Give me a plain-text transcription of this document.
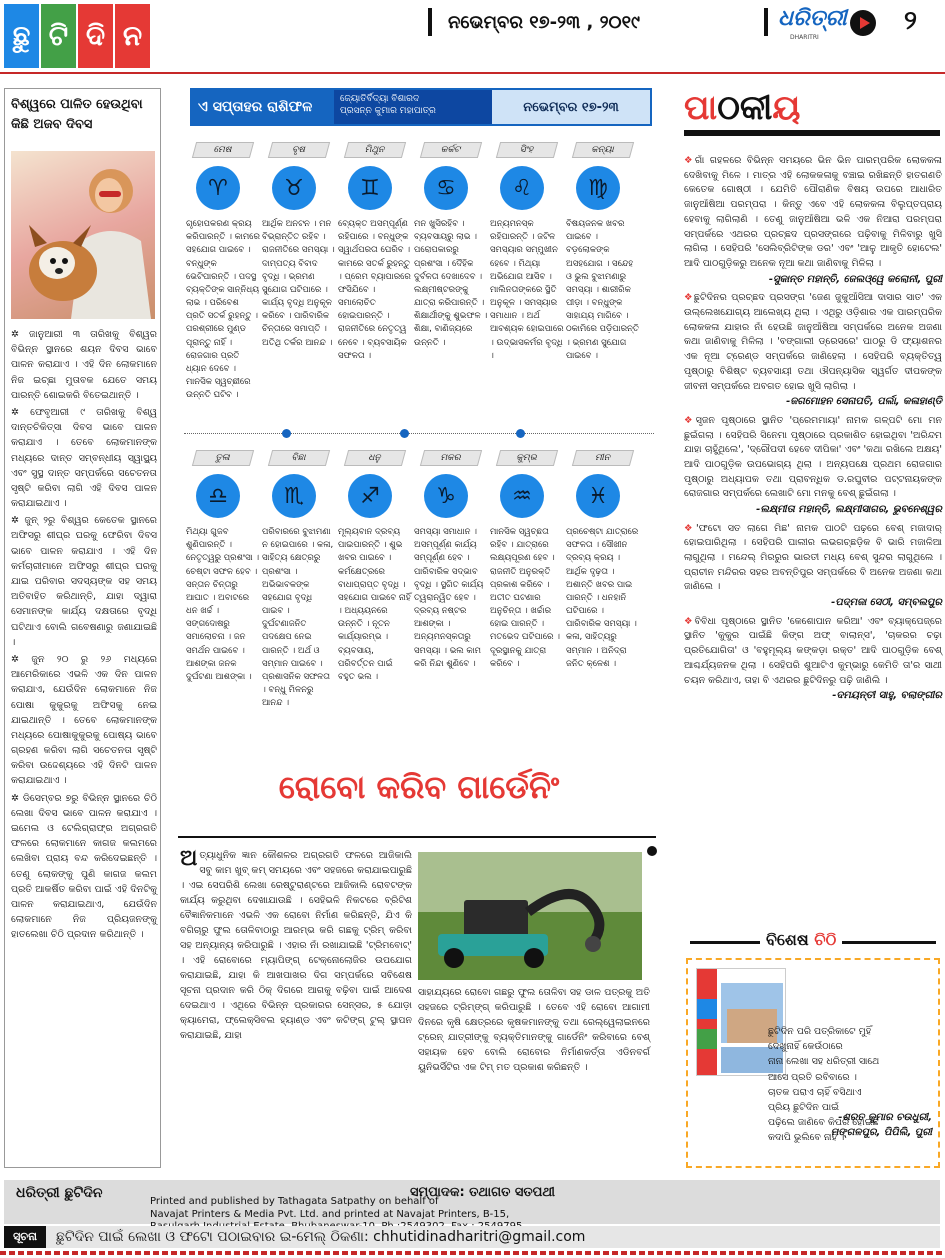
ଛୁ ଟି ଦି ନ	ନଭେମ୍ବର ୧୭-୨୩ , ୨୦୧୯	ଧରିତ୍ରୀ
DHARITRI
୨
ବିଶ୍ୱରେ ପାଳିତ ହେଉଥିବା କିଛି ଅଜବ ଦିବସ

✲ ଜାନୁଆରୀ ୩ ତାରିଖକୁ ବିଶ୍ୱର ବିଭିନ୍ନ ସ୍ଥାନରେ ଶୟନ ଦିବସ ଭାବେ ପାଳନ କରାଯାଏ । ଏହି ଦିନ ଲୋକମାନେ ନିଜ ଇଚ୍ଛା ମୁତାବକ ଯେତେ ସମୟ ପାରନ୍ତି ଶୋଇକରି ବିତେଇଥାନ୍ତି ।

✲ ଫେବୃଆରୀ ୯ ତାରିଖକୁ ବିଶ୍ୱ ଦାନ୍ତଚିକିତ୍ସା ଦିବସ ଭାବେ ପାଳନ କରାଯାଏ । ତେବେ ଲୋକମାନଙ୍କ ମଧ୍ୟରେ ଦାନ୍ତ ସମ୍ବନ୍ଧୀୟ ସ୍ୱାସ୍ଥ୍ୟ ଏବଂ ସୁସ୍ଥ ଦାନ୍ତ ସମ୍ପର୍କରେ ସଚେତନତା ସୃଷ୍ଟି କରିବା ଲାଗି ଏହି ଦିବସ ପାଳନ କରାଯାଇଥାଏ ।

✲ ଜୁନ୍ ୨ରୁ ବିଶ୍ୱର କେତେକ ସ୍ଥାନରେ ଅଫିସରୁ ଶୀଘ୍ର ଘରକୁ ଫେରିବା ଦିବସ ଭାବେ ପାଳନ କରାଯାଏ । ଏହି ଦିନ କର୍ମଚାରୀମାନେ ଅଫିସରୁ ଶୀଘ୍ର ଘରକୁ ଯାଇ ପରିବାର ସଦସ୍ୟଙ୍କ ସହ ସମୟ ଅତିବାହିତ କରିଥାନ୍ତି, ଯାହା ଦ୍ୱାରା ସେମାନଙ୍କ କାର୍ଯ୍ୟ ଦକ୍ଷତାରେ ବୃଦ୍ଧି ଘଟିଥାଏ ବୋଲି ଗବେଷଣାରୁ ଜଣାଯାଇଛି ।

✲ ଜୁନ ୨୦ ରୁ ୨୬ ମଧ୍ୟରେ ଆମେରିକାରେ ଏଭଳି ଏକ ଦିନ ପାଳନ କରାଯାଏ, ଯେଉଁଦିନ ଲୋକମାନେ ନିଜ ପୋଷା କୁକୁରକୁ ଅଫିସକୁ ନେଇ ଯାଇଥାନ୍ତି । ତେବେ ଲୋକମାନଙ୍କ ମଧ୍ୟରେ ପୋଷାକୁକୁରକୁ ପୋଷ୍ୟ ଭାବେ ଗ୍ରହଣ କରିବା ଲାଗି ସଚେତନତା ସୃଷ୍ଟି କରିବା ଉଦ୍ଦେଶ୍ୟରେ ଏହି ଦିନଟି ପାଳନ କରାଯାଇଥାଏ ।

✲ ଡିସେମ୍ବର ୭ରୁ ବିଭିନ୍ନ ସ୍ଥାନରେ ଚିଠି ଲେଖା ଦିବସ ଭାବେ ପାଳନ କରାଯାଏ । ଇମେଲ ଓ ଟେଲିଗ୍ରାଫ୍ର ଅଗ୍ରଗତି ଫଳରେ ଲୋକମାନେ କାଗଜ କଲମରେ ଲେଖିବା ପ୍ରାୟ ବନ୍ଦ କରିଦେଇଛନ୍ତି । ତେଣୁ ଲୋକଙ୍କୁ ପୁଣି କାଗଜ କଲମ ପ୍ରତି ଆକର୍ଷିତ କରିବା ପାଇଁ ଏହି ଦିନଟିକୁ ପାଳନ କରାଯାଇଥାଏ, ଯେଉଁଦିନ ଲୋକମାନେ ନିଜ ପ୍ରିୟଜନଙ୍କୁ ହାତଲେଖା ଚିଠି ପ୍ରଦାନ କରିଥାନ୍ତି ।

ଏ ସପ୍ତାହର ରାଶିଫଳ	ଜ୍ୟୋତିର୍ବିଦ୍ୟା ବିଶାରଦ
ପ୍ରସନ୍ନ କୁମାର ମହାପାତ୍ର	ନଭେମ୍ବର ୧୭-୨୩
ମେଷ
♈
ଗୃହୋପକରଣ କ୍ରୟ କରିପାରନ୍ତି । କାମରେ ସହଯୋଗ ପାଇବେ । ବନ୍ଧୁଙ୍କ ଭେଟିପାରନ୍ତି । ପଦସ୍ଥ ବ୍ୟକ୍ତିଙ୍କ ସାନ୍ନିଧ୍ୟ ଲାଭ । ପରିବେଶ ପ୍ରତି ସତର୍କ ରୁହନ୍ତୁ । ପରଶ୍ରୀରେ ମୁଣ୍ଡ ପୂରାନ୍ତୁ ନାହିଁ । ରୋଜଗାର ପ୍ରତି ଧ୍ୟାନ ଦେବେ । ମାନସିକ ସ୍ୱଚ୍ଛୀରେ ଉନ୍ନତି ଘଟିବ ।
ବୃଷ
♉
ଆର୍ଥିକ ଅନଟନ । ମନ ବିଭ୍ରାନ୍ତିତ ରହିବ । ରାଜନୀତିରେ ସମସ୍ୟା । ଦାମ୍ପତ୍ୟ ବିବାଦ ବୃଦ୍ଧି । ଭ୍ରମଣ ସୁଯୋଗ ଘଟିପାରେ । କାର୍ଯ୍ୟ ବୃଦ୍ଧି ଅନୁକୂଳ କରିବେ । ପାରିବାରିକ ଚିନ୍ତାରେ ସମାପ୍ତି । ଅତିଥି ତର୍କର ଆନନ୍ଦ ।
ମିଥୁନ
♊
ବ୍ୟେକ୍ତ ଅସମ୍ପୂର୍ଣ୍ଣ ରହିପାରେ । ବନ୍ଧୁଙ୍କ ସ୍ୱାର୍ଥପରତା ଘେରିବ । କାମରେ ସତର୍କ ରୁହନ୍ତୁ । ପ୍ରେମ ବ୍ୟାପାରରେ ଫସିଯିବେ । ସମାଲୋଚିତ ହୋଇପାରନ୍ତି । ରାଜନୀତିରେ ନେତୃତ୍ୱ ନେବେ । ବ୍ୟବସାୟିକ ସଫଳତା ।
କର୍କଟ
♋
ମନ ଖୁସିରହିବ । ବ୍ୟବସାୟରୁ ଲାଭ । ପରୋପକାରରୁ ପ୍ରଶଂସା । ଦୈହିକ ଦୁର୍ବଳତା ଦେଖାଦେବ । ଲକ୍ଷ୍ମୀଷ୍ଟରଙ୍କୁ ଯାତ୍ରା କରିପାରନ୍ତି । ଶିକ୍ଷାର୍ଥୀଙ୍କୁ ଶୁଭଫଳ । ଶିକ୍ଷା, ବାଣିଜ୍ୟରେ ଉନ୍ନତି ।
ସିଂହ
♌
ଅନ୍ୟମନସ୍କ ରହିପାରନ୍ତି । ଜଟିଳ ସମସ୍ୟାର ସମ୍ମୁଖୀନ ହେବେ । ମିଥ୍ୟା ଅଭିଯୋଗ ଆସିବ । ମାଲିନତାଙ୍କରେ ସ୍ଥିତି ଅନୁକୂଳ । ସମସ୍ୟାର ସମାଧାନ । ଅର୍ଥ ଆବଶ୍ୟକ ହୋଇପାରେ । ଉଦ୍ଭାସକର୍ମର ବୃଦ୍ଧି ।
କନ୍ୟା
♍
ବିଷୟଜନକ ଖବର ପାଇବେ । ବଡ଼ଲୋକଙ୍କ ଅସହଯୋଗ । ସନ୍ଦେହ ଓ ଭୁଲ ବୁଝାମଣାରୁ ସମସ୍ୟା । ଶାରୀରିକ ପୀଡ଼ା । ବନ୍ଧୁଙ୍କ ସାହାଯ୍ୟ ମାଗିବେ । ଠକାମିରେ ପଡ଼ିପାରନ୍ତି । ଭ୍ରମଣ ସୁଯୋଗ ପାଇବେ ।
ତୁଳା
♎
ମିଥ୍ୟା ଗୁଜବ ଶୁଣିପାରନ୍ତି । ନେତୃତ୍ୱରୁ ପ୍ରଶଂସା । ଚେଷ୍ଟା ସଫଳ ହେବ । ସନ୍ତାନ ଚିନ୍ତାରୁ ଆଘାତ । ଅବାଟରେ ଧନ ଖର୍ଚ୍ଚ । ସଙ୍ଗଦୋଷରୁ ସମାଲୋଚନା । ଜନ ସମର୍ଥନ ପାଇବେ । ଆଶଙ୍କା ଜନକ ଦୁର୍ଘଟଣା ଆଶଙ୍କା ।
ବିଛା
♏
ପରିବାରରେ ବୁଝାମଣା ନ ହୋଇପାରେ । କଳା, ସାହିତ୍ୟ କ୍ଷେତ୍ରରୁ ପ୍ରଶଂସା । ଅଭିଭାବକଙ୍କ ସହଯୋଗ ବୃଦ୍ଧି ପାଇବ । ଦୁର୍ଘଟଣାଜନିତ ପଦକ୍ଷେପ ନେଇ ପାରନ୍ତି । ଅର୍ଥ ଓ ସମ୍ମାନ ପାଇବେ । ପ୍ରଶାସନିକ ସଫଳତା । ବନ୍ଧୁ ମିଳନରୁ ଆନନ୍ଦ ।
ଧନୁ
♐
ମୂଲ୍ୟବାନ ଦ୍ରବ୍ୟ ପାଇପାରନ୍ତି । ଶୁଭ ଖବର ପାଇବେ । କର୍ମକ୍ଷେତ୍ରରେ ବାଧାପ୍ରାପ୍ତ ବୃଦ୍ଧି । ସହଯୋଗ ପାଇବେ ନାହିଁ । ଅଧ୍ୟୟନରେ ଉନ୍ନତି । ନୂତନ କାର୍ଯ୍ୟାରମ୍ଭ । ବ୍ୟବସାୟ, ପରିବର୍ତ୍ତନ ପାଇଁ ବହୁତ ଭଲ ।
ମକର
♑
ସମସ୍ୟା ସମାଧାନ । ଅସମ୍ପୂର୍ଣ୍ଣ କାର୍ଯ୍ୟ ସମ୍ପୂର୍ଣ୍ଣ ହେବ । ପାରିବାରିକ ସଦ୍ଭାବ ବୃଦ୍ଧି । ସ୍ଥଗିତ କାର୍ଯ୍ୟ ତ୍ୱରାନ୍ୱିତ ହେବ । ଦ୍ରବ୍ୟ ନଷ୍ଟର ଆଶଙ୍କା । ଅନ୍ୟମନସ୍କତାରୁ ସମସ୍ୟା । ଭଲ କାମ କରି ନିନ୍ଦା ଶୁଣିବେ ।
କୁମ୍ଭ
♒
ମାନସିକ ସ୍ୱଚ୍ଛତା ରହିବ । ଯାତ୍ରାରେ ଲକ୍ଷ୍ୟପୂରଣ ହେବ । ରାଜନୀତି ଅନୁରକ୍ତି ପ୍ରକାଶ କରିବେ । ଅତୀତ ଘଟଣାର ଅନୁଚିନ୍ତା । ଖର୍ଚ୍ଚାର ହୋଇ ପାରନ୍ତି । ମତଭେଦ ଘଟିପାରେ । ଦୂରସ୍ଥାନକୁ ଯାତ୍ରା କରିବେ ।
ମୀନ
♓
ପ୍ରଚେଷ୍ଟା ଯାତ୍ରାରେ ସଫଳତା । ସୌଖୀନ ଦ୍ରବ୍ୟ କ୍ରୟ । ଆର୍ଥିକ ଦୃଢ଼ତା । ଅଶାନ୍ତି ଖବର ପାଇ ପାରନ୍ତି । ଧନହାନି ଘଟିପାରେ । ପାରିବାରିକ ସମସ୍ୟା । କଳା, ସାହିତ୍ୟରୁ ସମ୍ମାନ । ଅନିଦ୍ରା ଜନିତ କ୍ଳେଶ ।
ରୋବୋ କରିବ ଗାର୍ଡେନିଂ
ଅତ୍ୟାଧୁନିକ ଜ୍ଞାନ କୌଶଳର ଅଗ୍ରଗତି ଫଳରେ ଆଜିକାଲି ସବୁ କାମ ଖୁବ୍ କମ୍ ସମୟରେ ଏବଂ ସହଜରେ କରାଯାଇପାରୁଛି । ଏଇ ସେପରିଶି ଲେଖା ରେଷ୍ଟୁରାଣ୍ଟରେ ଆଜିକାଲି ରୋବଟଙ୍କ କାର୍ଯ୍ୟ କରୁଥିବା ଦେଖାଯାଉଛି । ସେହିଭଳି ନିକଟରେ ବ୍ରିଟିଶ ବୈଜ୍ଞାନିକମାନେ ଏଭଳି ଏକ ରୋବୋ ନିର୍ମାଣ କରିଛନ୍ତି, ଯିଏ କି ବଗିଚାରୁ ଫୁଲ ତୋଳିବାଠାରୁ ଆରମ୍ଭ କରି ଗଛକୁ ଟ୍ରିମ୍ କରିବା ସହ ଅନ୍ୟାନ୍ୟ କରିପାରୁଛି । ଏହାର ନାଁ ରଖାଯାଇଛି 'ଟ୍ରିମବୋଟ୍' । ଏହି ରୋବୋରେ ମ୍ୟାପିଙ୍ଗ୍ ଟେକ୍ନୋଲୋଜିର ଉପଯୋଗ କରାଯାଇଛି, ଯାହା କି ଆଖପାଖର ଦିଗ ସମ୍ପର୍କରେ ସବିଶେଷ ସୂଚନା ପ୍ରଦାନ କରି ଠିକ୍ ଦିଗରେ ଆଗକୁ ବଢ଼ିବା ପାଇଁ ଆଦେଶ ଦେଇଥାଏ । ଏଥିରେ ବିଭିନ୍ନ ପ୍ରକାରର ସେନ୍ସର, ୫ ଯୋଡ଼ା କ୍ୟାମେରା, ଫ୍ଲେକ୍ସିବଲ ହ୍ୟାଣ୍ଡ ଏବଂ କଟିଙ୍ଗ୍ ଟୁଲ୍ ସ୍ଥାପନ କରାଯାଇଛି, ଯାହା
ସାହାଯ୍ୟରେ ରୋବୋ ଗଛରୁ ଫୁଲ ତୋଳିବା ସହ ଡାଳ ପତ୍ରକୁ ଅତି ସହଜରେ ଟ୍ରିମ୍ଙ୍ଗ୍ କରିପାରୁଛି । ତେବେ ଏହି ରୋବୋ ଆଗାମୀ ଦିନରେ କୃଷି କ୍ଷେତ୍ରରେ କୃଷକମାନଙ୍କୁ ତଥା ରେଲ୍ୱେଲାଇନରେ ଟ୍ରେନ୍ ଯାତ୍ରୀଙ୍କୁ ବ୍ୟକ୍ତିମାନଙ୍କୁ ଗାର୍ଡେନିଂ କରିବାରେ ବେଶ୍ ସହାୟକ ହେବ ବୋଲି ରୋବୋର ନିର୍ମାଣକର୍ତ୍ତା ଏଡିନବର୍ଗ ୟୁନିଭର୍ସିଟିର ଏକ ଟିମ୍ ମତ ପ୍ରକାଶ କରିଛନ୍ତି ।
ପାଠକୀୟ
❖ଗାଁ ଗହଳରେ ବିଭିନ୍ନ ସମୟରେ ଭିନ ଭିନ ପାରମ୍ପରିକ ଲୋକକଳା ଦେଖିବାକୁ ମିଳେ । ମାତ୍ର ଏହି ଲୋକକଳାକୁ ବଞ୍ଚାଇ ରଖିଛନ୍ତି ହାତଗଣତି କେତେକ ଗୋଷ୍ଠୀ । ଯେମିତି ପୌରାଣିକ ବିଷୟ ଉପରେ ଆଧାରିତ ଜାନୁଆଁଷିଆ ପରମ୍ପରା । କିନ୍ତୁ ଏବେ ଏହି ଲୋକକଳା ବିଲୁପ୍ତପ୍ରାୟ ହେବାକୁ ଲାଗିଲାଣି । ତେଣୁ ଜାନୁଆଁଷିଆ ଭଳି ଏକ ନିଆରା ପରମ୍ପରା ସମ୍ପର୍କରେ ଏଥରର ପ୍ରଚ୍ଛଦ ପ୍ରସଙ୍ଗରେ ପଢ଼ିବାକୁ ମିଳିବାରୁ ଖୁସି ଲାଗିଲା । ସେହିପରି 'ସେଲିବ୍ରିଟିଙ୍କ ଡର' ଏବଂ 'ଆଳୁ ଆକୃତି ହୋଟେଲ' ଆଦି ପାଠଗୁଡ଼ିକରୁ ଅନେକ ନୂଆ କଥା ଜାଣିବାକୁ ମିଳିଲା ।
-ସୁକାନ୍ତ ମହାନ୍ତି, ଜେଲଓ୍ୱେ କଲୋନୀ, ପୁରୀ
❖ଛୁଟିଦିନର ପ୍ରଚ୍ଛଦ ପ୍ରସଙ୍ଗ 'ଜେଣ ଜୁକୁଆଁସିଆ ଦାସାର ସାତ' ଏକ ଉଲ୍ଲେଖଯୋଗ୍ୟ ଆଲେଖ୍ୟ ଥିଲା । ଏଥିରୁ ଓଡ଼ିଶାର ଏକ ପାରମ୍ପରିକ ଲୋକକଳା ଯାହାର ନାଁ ହେଉଛି ଜାନୁଆଁଷିଆ ସମ୍ପର୍କରେ ଅନେକ ଅଜଣା କଥା ଜାଣିବାକୁ ମିଳିଲା । 'ବଙ୍ଗାଲୀ ଡ୍ରେସରେ' ପାଠରୁ ଡି ଫ୍ୟାଶନର ଏକ ନୂଆ ଟ୍ରେଣ୍ଡ ସମ୍ପର୍କରେ ଜାଣିହେଲା । ସେହିପରି ବ୍ୟକ୍ତିତ୍ୱ ପୃଷ୍ଠାରୁ ବିଶିଷ୍ଟ ବ୍ୟବସାୟୀ ତଥା ଔପନ୍ୟାସିକ ସ୍ୱର୍ଗତ ଦୀପକଙ୍କ ଜୀବନୀ ସମ୍ପର୍କରେ ଅବଗତ ହୋଇ ଖୁସି ଲାଗିଲା ।
-ଜଗମୋହନ ସେନାପତି, ପର୍ଲା, କଳାହାଣ୍ଡି
❖ସୃଜନ ପୃଷ୍ଠାରେ ସ୍ଥାନିତ 'ପ୍ରେମମାୟା' ନାମକ ଗଳ୍ପଟି ମୋ ମନ ଛୁଇଁଗଲା । ସେହିପରି ସିନେମା ପୃଷ୍ଠାରେ ପ୍ରକାଶିତ ହୋଇଥିବା 'ଅରିନ୍ଦମ ଯାହା ଚାହୁଁଥିଲେ', 'ଦ୍ରୌପଦୀ ହେବେ ଦୀପିକା' ଏବଂ 'କଥା ରଖିଲେ ଅକ୍ଷୟ' ଆଦି ପାଠଗୁଡ଼ିକ ଉପଭୋଗ୍ୟ ଥିଲା । ଅନ୍ୟପକ୍ଷେ ପ୍ରଥମ ରୋଜଗାର ପୃଷ୍ଠାରୁ ଅଧ୍ୟାପକ ତଥା ପ୍ରାବନ୍ଧିକ ଡ.ରଘୁବୀର ପଟ୍ଟନାୟକଙ୍କ ରୋଜଗାର ସମ୍ପର୍କରେ ଲେଖାଟି ମୋ ମନକୁ ବେଶ୍ ଛୁଇଁଗଲା ।
-ଲକ୍ଷ୍ମୀତା ମହାନ୍ତି, ଲକ୍ଷ୍ମୀସାଗର, ଭୁବନେଶ୍ୱର
❖'ଫଟୋ ସତ ଲାଗେ ମିଛ' ନାମକ ପାଠଟି ପଢ଼ରେ ବେଶ୍ ମଜାଦାର୍ ହୋଇପାରିଥିଲା । ସେହିପରି ଘାଲୀର ଲଭଗଚ୍ଛଡ଼ିକ ବି ଭାରି ମଜାଳିଆ ଲାଗୁଥିଲା । ମନ୍ଦେଲ୍ ମିରରୁର ଭାରତୀ ମଧ୍ୟ ବେଶ୍ ସୁନ୍ଦର ଲାଗୁଥିଲେ । ପ୍ରାଚୀନ ମନ୍ଦିରର ସହର ଅବନ୍ତିପୁର ସମ୍ପର୍କରେ ବି ଅନେକ ଅଜଣା କଥା ଜାଣିଲେ ।
-ପଦ୍ମଜା ସେଠୀ, ସମ୍ବଲପୁର
❖ବିବିଧା ପୃଷ୍ଠାରେ ସ୍ଥାନିତ 'କେଶୋପାନ କରିଆ' ଏବଂ ବ୍ୟାକ୍‌ପେଜ୍‌ରେ ସ୍ଥାନିତ 'କୁକୁର ପାଇଁଛି କିଙ୍ଗ ଅଫ୍ ବାଲାନ୍ସ', 'ଚାକରର ଚଢ଼ା ପ୍ରତିଯୋଗିତା' ଓ 'ବହୁମୂଲ୍ୟ କଙ୍କଡ଼ା ରକ୍ତ' ଆଦି ପାଠଗୁଡ଼ିକ ବେଶ୍ ଆଶ୍ଚର୍ଯ୍ୟଜନକ ଥିଲା । ସେହିପରି ଶୁଆଟିଏ କୁମ୍ଭାରୁ କେମିତି ତା'ର ସାଥୀ ଚୟନ କରିଥାଏ, ତାହା ବି ଏଥରର ଛୁଟିଦିନରୁ ପଢ଼ି ଜାଣିଲି ।
-ଦମୟନ୍ତୀ ସାହୁ, ବଲାଙ୍ଗୀର
ବିଶେଷ ଚିଠି
ଛୁଟିଦିନ ପରି ପତ୍ରିକାଟେ ମୁହିଁ
ଦେଖୁନାହିଁ କେଉଁଠାରେ
ନାନା ଲେଖା ସହ ଧରିତ୍ରୀ ସାଥେ
ଆସେ ପ୍ରତି ରବିବାରେ ।
ଚାତକ ପରାଏ ଚାହିଁ ବସିଥାଏ
ପ୍ରିୟ ଛୁଟିଦିନ ପାଇଁ
ପଢ଼ିଲେ ଜାଣିବେ କିପରି ହୋଇଛି
କଦାପି ଭୁଲିବେ ନାହିଁ ।
-ଶରତ କୁମାର ଚଉଧୁରୀ,
ମଙ୍ଗଳପୁର, ପିପିଲି, ପୁରୀ
ଧରିତ୍ରୀ ଛୁଟିଦିନ	ସମ୍ପାଦକ: ତଥାଗତ ସତପଥୀ
Printed and published by Tathagata Satpathy on behalf of
Navajat Printers & Media Pvt. Ltd. and printed at Navajat Printers, B-15,
ସୂଚନା	ଛୁଟିଦିନ ପାଇଁ ଲେଖା ଓ ଫଟୋ ପଠାଇବାର ଇ-ମେଲ୍ ଠିକଣା: chhutidinadharitri@gmail.com
